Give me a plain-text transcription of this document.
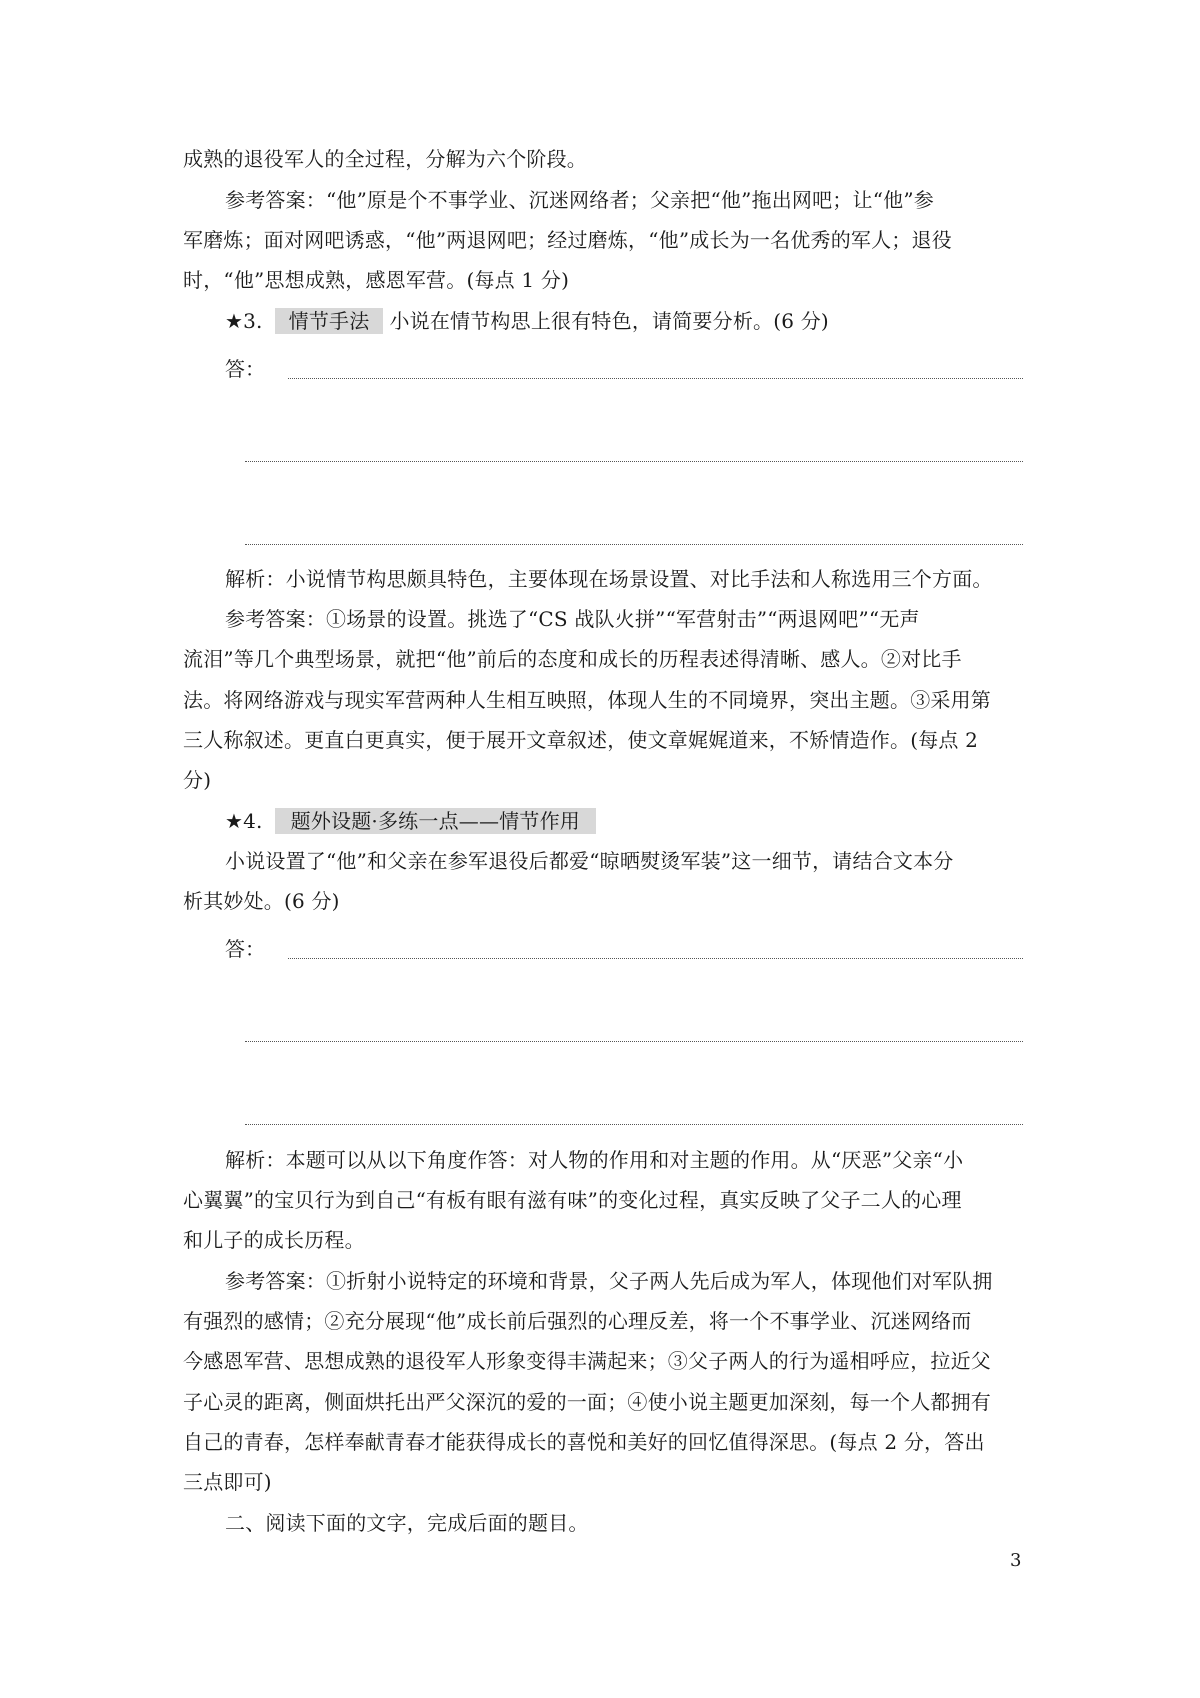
成熟的退役军人的全过程，分解为六个阶段。
参考答案：“他”原是个不事学业、沉迷网络者；父亲把“他”拖出网吧；让“他”参
军磨炼；面对网吧诱惑，“他”两退网吧；经过磨炼，“他”成长为一名优秀的军人；退役
时，“他”思想成熟，感恩军营。(每点 1 分)
★3. 情节手法 小说在情节构思上很有特色，请简要分析。(6 分)
答：
解析：小说情节构思颇具特色，主要体现在场景设置、对比手法和人称选用三个方面。
参考答案：①场景的设置。挑选了“CS 战队火拼”“军营射击”“两退网吧”“无声
流泪”等几个典型场景，就把“他”前后的态度和成长的历程表述得清晰、感人。②对比手
法。将网络游戏与现实军营两种人生相互映照，体现人生的不同境界，突出主题。③采用第
三人称叙述。更直白更真实，便于展开文章叙述，使文章娓娓道来，不矫情造作。(每点 2
分)
★4. 题外设题·多练一点——情节作用
小说设置了“他”和父亲在参军退役后都爱“晾晒熨烫军装”这一细节，请结合文本分
析其妙处。(6 分)
答：
解析：本题可以从以下角度作答：对人物的作用和对主题的作用。从“厌恶”父亲“小
心翼翼”的宝贝行为到自己“有板有眼有滋有味”的变化过程，真实反映了父子二人的心理
和儿子的成长历程。
参考答案：①折射小说特定的环境和背景，父子两人先后成为军人，体现他们对军队拥
有强烈的感情；②充分展现“他”成长前后强烈的心理反差，将一个不事学业、沉迷网络而
今感恩军营、思想成熟的退役军人形象变得丰满起来；③父子两人的行为遥相呼应，拉近父
子心灵的距离，侧面烘托出严父深沉的爱的一面；④使小说主题更加深刻，每一个人都拥有
自己的青春，怎样奉献青春才能获得成长的喜悦和美好的回忆值得深思。(每点 2 分，答出
三点即可)
二、阅读下面的文字，完成后面的题目。
3
